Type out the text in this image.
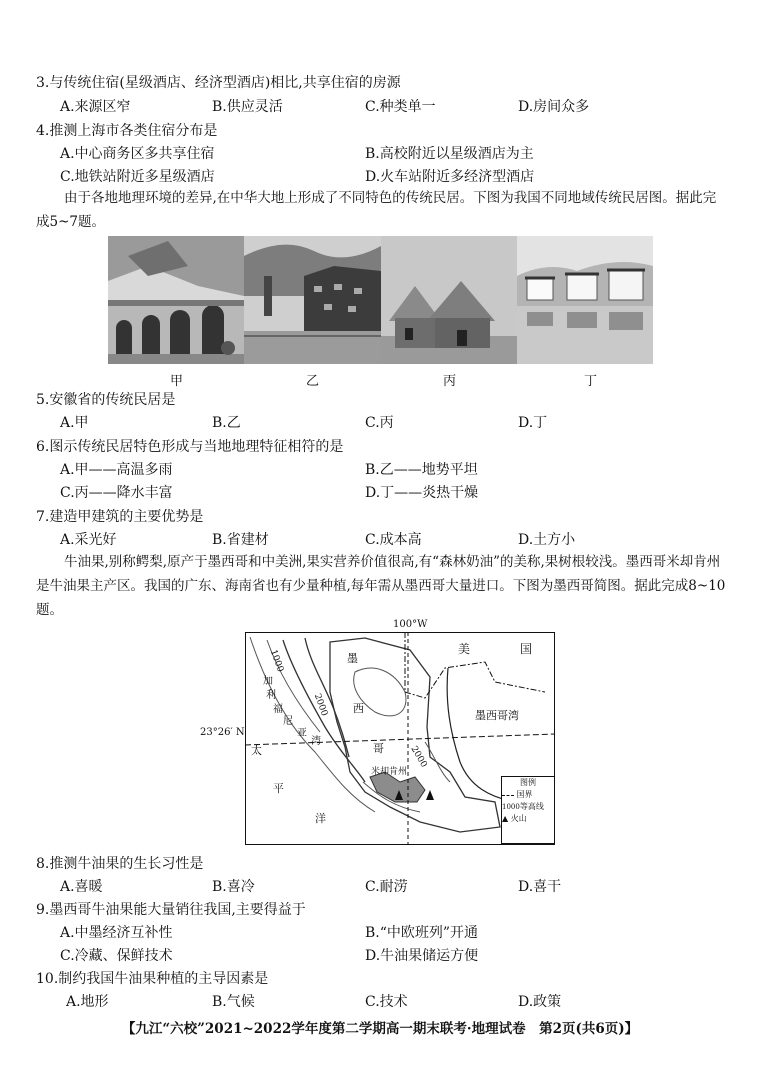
3.与传统住宿(星级酒店、经济型酒店)相比,共享住宿的房源
A.来源区窄	B.供应灵活	C.种类单一	D.房间众多
4.推测上海市各类住宿分布是
A.中心商务区多共享住宿	B.高校附近以星级酒店为主
C.地铁站附近多星级酒店	D.火车站附近多经济型酒店
由于各地地理环境的差异,在中华大地上形成了不同特色的传统民居。下图为我国不同地域传统民居图。据此完成5~7题。
甲	乙	丙	丁
5.安徽省的传统民居是
A.甲	B.乙	C.丙	D.丁
6.图示传统民居特色形成与当地地理特征相符的是
A.甲——高温多雨	B.乙——地势平坦
C.丙——降水丰富	D.丁——炎热干燥
7.建造甲建筑的主要优势是
A.采光好	B.省建材	C.成本高	D.土方小
牛油果,别称鳄梨,原产于墨西哥和中美洲,果实营养价值很高,有“森林奶油”的美称,果树根较浅。墨西哥米却肯州是牛油果主产区。我国的广东、海南省也有少量种植,每年需从墨西哥大量进口。下图为墨西哥简图。据此完成8~10题。
美	国
墨西哥湾
墨
西
哥
加
利
福
尼
亚
湾
太
平
洋
米却肯州
1000
2000
2000
图例
国界
1000等高线
▲ 火山
100°W
23°26′ N
8.推测牛油果的生长习性是
A.喜暖	B.喜冷	C.耐涝	D.喜干
9.墨西哥牛油果能大量销往我国,主要得益于
A.中墨经济互补性	B.“中欧班列”开通
C.冷藏、保鲜技术	D.牛油果储运方便
10.制约我国牛油果种植的主导因素是
A.地形	B.气候	C.技术	D.政策
【九江“六校”2021~2022学年度第二学期高一期末联考·地理试卷　第2页(共6页)】
